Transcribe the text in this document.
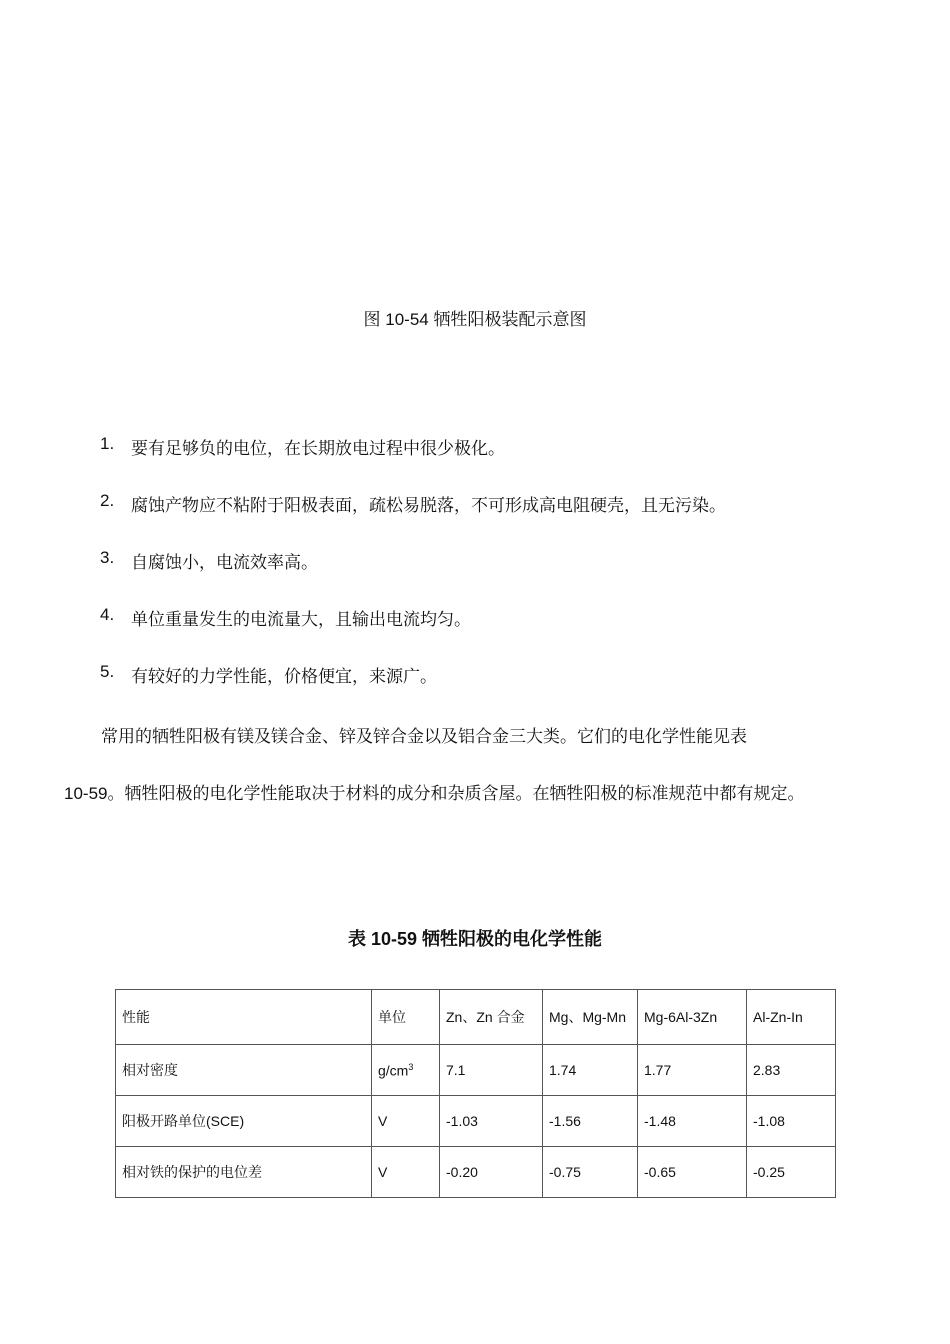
图 10-54 牺牲阳极装配示意图
1. 要有足够负的电位，在长期放电过程中很少极化。
2. 腐蚀产物应不粘附于阳极表面，疏松易脱落，不可形成高电阻硬壳，且无污染。
3. 自腐蚀小，电流效率高。
4. 单位重量发生的电流量大，且输出电流均匀。
5. 有较好的力学性能，价格便宜，来源广。
常用的牺牲阳极有镁及镁合金、锌及锌合金以及铝合金三大类。它们的电化学性能见表
10-59。牺牲阳极的电化学性能取决于材料的成分和杂质含屋。在牺牲阳极的标准规范中都有规定。
表 10-59 牺牲阳极的电化学性能
性能	单位	Zn、Zn 合金	Mg、Mg-Mn	Mg-6Al-3Zn	Al-Zn-In
相对密度	$g/cm^3$	7.1	1.74	1.77	2.83
阳极开路单位(SCE)	V	-1.03	-1.56	-1.48	-1.08
相对铁的保护的电位差	V	-0.20	-0.75	-0.65	-0.25
